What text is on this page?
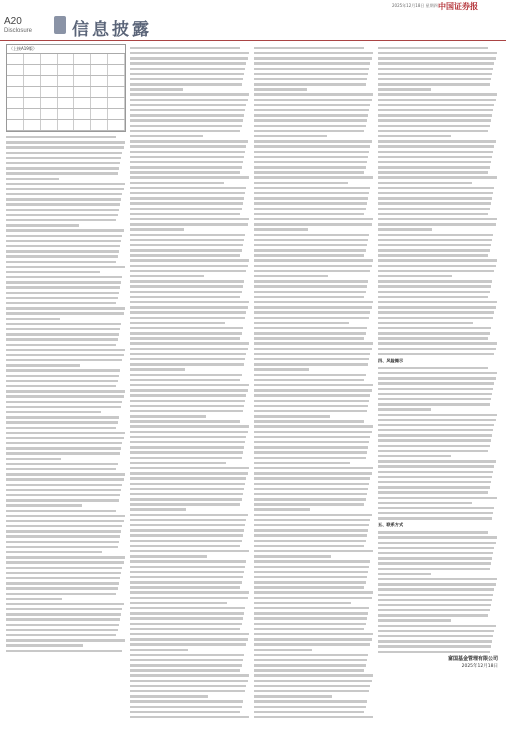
2025年12月18日 星期四 中国证券报
A20
Disclosure 信息披露
（上接A19版）
四、风险揭示
五、联系方式
富国基金管理有限公司
2025年12月18日
